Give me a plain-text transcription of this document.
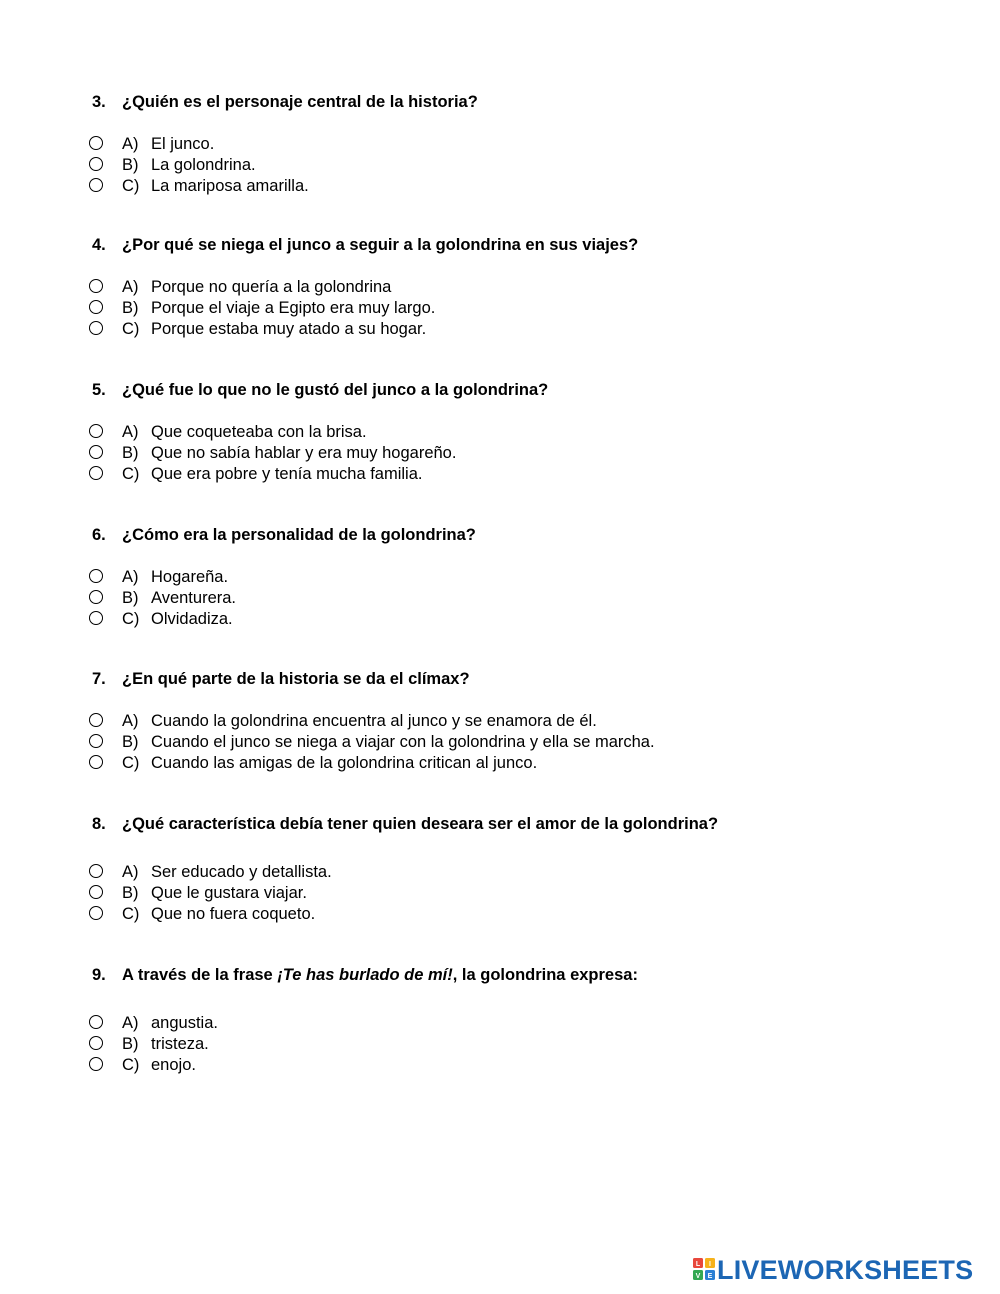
3. ¿Quién es el personaje central de la historia?
A) El junco.
B) La golondrina.
C) La mariposa amarilla.
4. ¿Por qué se niega el junco a seguir a la golondrina en sus viajes?
A) Porque no quería a la golondrina
B) Porque el viaje a Egipto era muy largo.
C) Porque estaba muy atado a su hogar.
5. ¿Qué fue lo que no le gustó del junco a la golondrina?
A) Que coqueteaba con la brisa.
B) Que no sabía hablar y era muy hogareño.
C) Que era pobre y tenía mucha familia.
6. ¿Cómo era la personalidad de la golondrina?
A) Hogareña.
B) Aventurera.
C) Olvidadiza.
7. ¿En qué parte de la historia se da el clímax?
A) Cuando la golondrina encuentra al junco y se enamora de él.
B) Cuando el junco se niega a viajar con la golondrina y ella se marcha.
C) Cuando las amigas de la golondrina critican al junco.
8. ¿Qué característica debía tener quien deseara ser el amor de la golondrina?
A) Ser educado y detallista.
B) Que le gustara viajar.
C) Que no fuera coqueto.
9. A través de la frase ¡Te has burlado de mí!, la golondrina expresa:
A) angustia.
B) tristeza.
C) enojo.
L I
V E LIVEWORKSHEETS
